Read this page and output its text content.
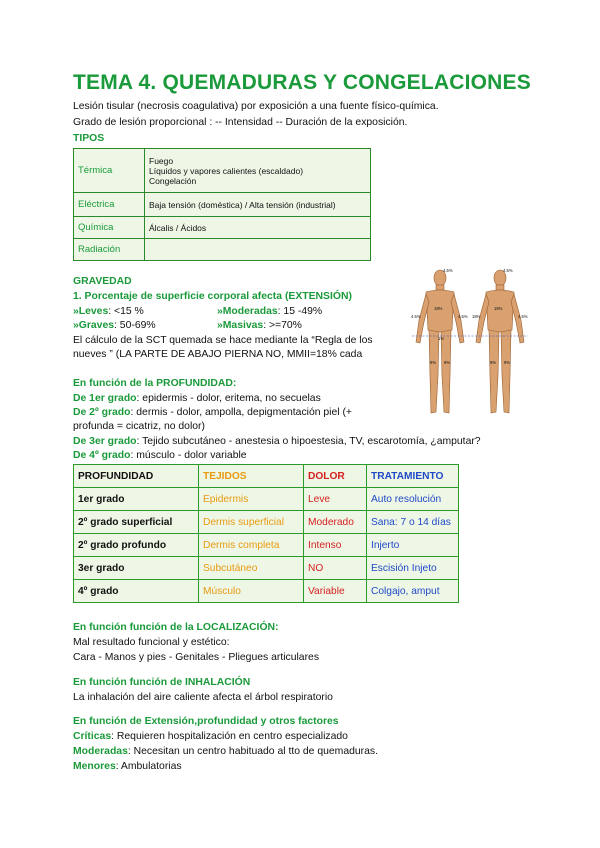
TEMA 4. QUEMADURAS Y CONGELACIONES
Lesión tisular (necrosis coagulativa) por exposición a una fuente físico-química.
Grado de lesión proporcional : -- Intensidad -- Duración de la exposición.
TIPOS
Térmica	Fuego
Líquidos y vapores calientes (escaldado)
Congelación

Eléctrica	Baja tensión (doméstica) / Alta tensión (industrial)

Química	Álcalis / Ácidos

Radiación	
GRAVEDAD
1. Porcentaje de superficie corporal afecta (EXTENSIÓN)
»Leves: <15 %	»Moderadas: 15 -49%
»Graves: 50-69%	»Masivas: >=70%
El cálculo de la SCT quemada se hace mediante la “Regla de los
nueves ” (LA PARTE DE ABAJO PIERNA NO, MMII=18% cada
4.5%
18%
4.5%	4.5%
18%
4.5%
1%
9% 9%	9% 9%
4.5%
18%
En función de la PROFUNDIDAD:
De 1er grado: epidermis - dolor, eritema, no secuelas
De 2º grado: dermis - dolor, ampolla, depigmentación piel (+
profunda = cicatriz, no dolor)
De 3er grado: Tejido subcutáneo - anestesia o hipoestesia, TV, escarotomía, ¿amputar?
De 4º grado: músculo - dolor variable
PROFUNDIDAD	TEJIDOS	DOLOR	TRATAMIENTO
1er grado	Epidermis	Leve	Auto resolución
2º grado superficial	Dermis superficial	Moderado	Sana: 7 o 14 días
2º grado profundo	Dermis completa	Intenso	Injerto
3er grado	Subcutáneo	NO	Escisión Injeto
4º grado	Músculo	Variable	Colgajo, amput
En función función de la LOCALIZACIÓN:
Mal resultado funcional y estético:
Cara - Manos y pies - Genitales - Pliegues articulares
En función función de INHALACIÓN
La inhalación del aire caliente afecta el árbol respiratorio
En función de Extensión,profundidad y otros factores
Críticas: Requieren hospitalización en centro especializado
Moderadas: Necesitan un centro habituado al tto de quemaduras.
Menores: Ambulatorias
